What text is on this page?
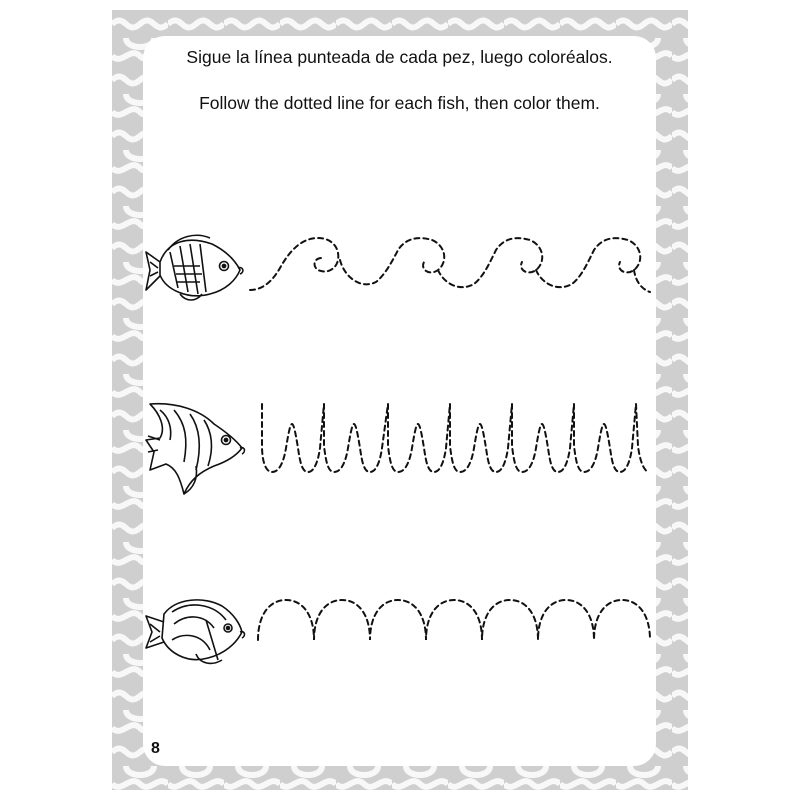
Sigue la línea punteada de cada pez, luego coloréalos.

Follow the dotted line for each fish, then color them.

8
